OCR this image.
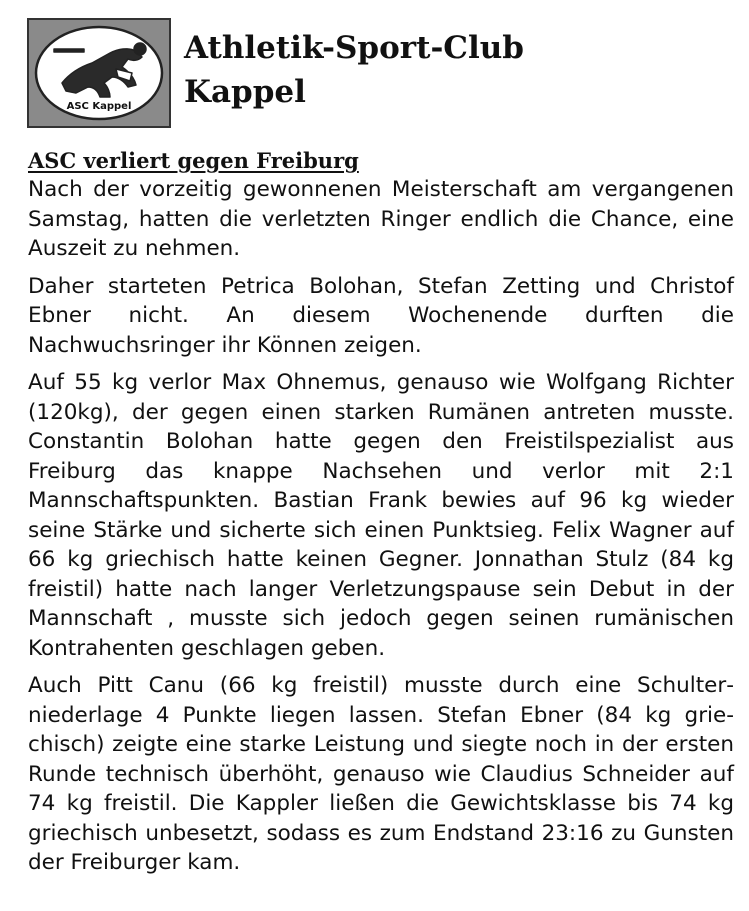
ASC Kappel
Athletik-Sport-Club
Kappel
ASC verliert gegen Freiburg

Nach der vorzeitig gewonnenen Meisterschaft am vergangenen Samstag, hatten die verletzten Ringer endlich die Chance, eine Auszeit zu nehmen.

Daher starteten Petrica Bolohan, Stefan Zetting und Christof Ebner nicht. An diesem Wochenende durften die Nachwuchsringer ihr Können zeigen.

Auf 55 kg verlor Max Ohnemus, genauso wie Wolfgang Richter (120kg), der gegen einen starken Rumänen antreten musste. Constantin Bolohan hatte gegen den Freistilspezialist aus Freiburg das knappe Nachsehen und verlor mit 2:1 Mannschaftspunkten. Bastian Frank bewies auf 96 kg wieder seine Stärke und sicherte sich einen Punktsieg. Felix Wagner auf 66 kg griechisch hatte keinen Gegner. Jonnathan Stulz (84 kg freistil) hatte nach langer Verletzungspause sein Debut in der Mannschaft , musste sich jedoch gegen seinen rumänischen Kontrahenten geschlagen geben.

Auch Pitt Canu (66 kg freistil) musste durch eine Schulterniederlage 4 Punkte liegen lassen. Stefan Ebner (84 kg griechisch) zeigte eine starke Leistung und siegte noch in der ersten Runde technisch überhöht, genauso wie Claudius Schneider auf 74 kg freistil. Die Kappler ließen die Gewichtsklasse bis 74 kg griechisch unbesetzt, sodass es zum Endstand 23:16 zu Gunsten der Freiburger kam.
